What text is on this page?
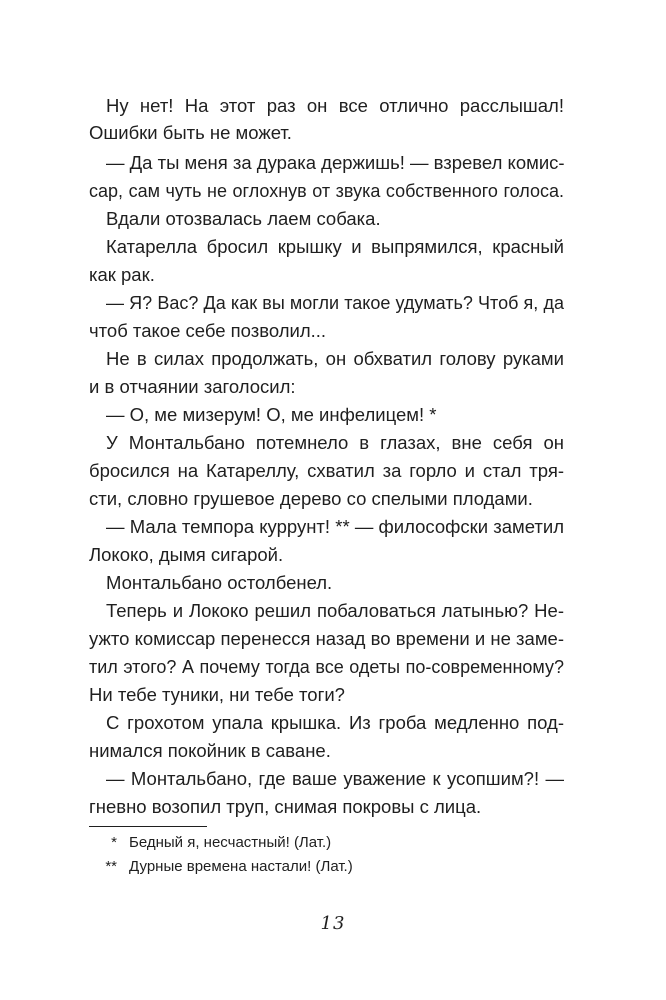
Ну нет! На этот раз он все отлично расслышал!
Ошибки быть не может.
— Да ты меня за дурака держишь! — взревел комис-
сар, сам чуть не оглохнув от звука собственного голоса.
Вдали отозвалась лаем собака.
Катарелла бросил крышку и выпрямился, красный
как рак.
— Я? Вас? Да как вы могли такое удумать? Чтоб я, да
чтоб такое себе позволил...
Не в силах продолжать, он обхватил голову руками
и в отчаянии заголосил:
— О, ме мизерум! О, ме инфелицем! *
У Монтальбано потемнело в глазах, вне себя он
бросился на Катареллу, схватил за горло и стал тря-
сти, словно грушевое дерево со спелыми плодами.
— Мала темпора куррунт! ** — философски заметил
Лококо, дымя сигарой.
Монтальбано остолбенел.
Теперь и Лококо решил побаловаться латынью? Не-
ужто комиссар перенесся назад во времени и не заме-
тил этого? А почему тогда все одеты по-современному?
Ни тебе туники, ни тебе тоги?
С грохотом упала крышка. Из гроба медленно под-
нимался покойник в саване.
— Монтальбано, где ваше уважение к усопшим?! —
гневно возопил труп, снимая покровы с лица.
* Бедный я, несчастный! (Лат.)
** Дурные времена настали! (Лат.)
13
